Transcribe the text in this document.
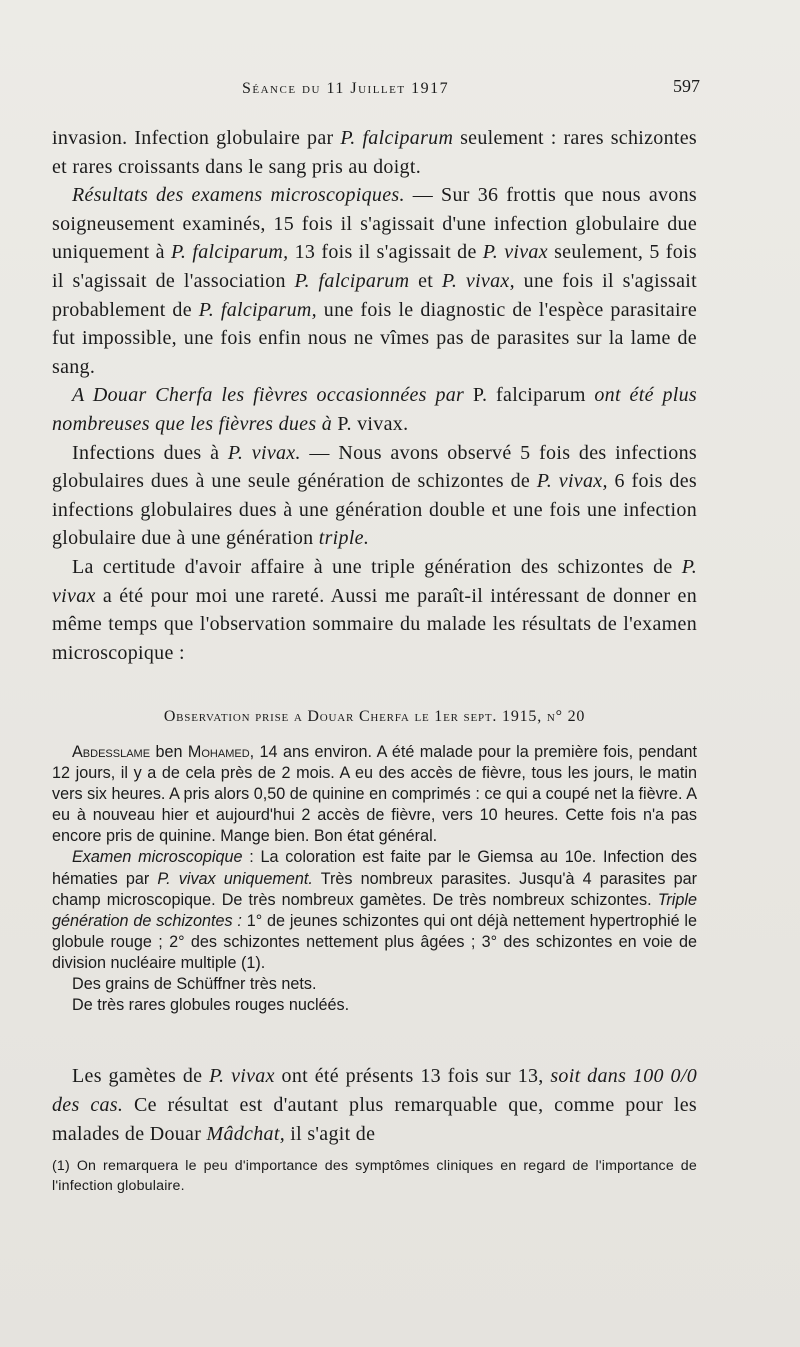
Séance du 11 Juillet 1917	597

invasion. Infection globulaire par P. falciparum seulement : rares schizontes et rares croissants dans le sang pris au doigt.

Résultats des examens microscopiques. — Sur 36 frottis que nous avons soigneusement examinés, 15 fois il s'agissait d'une infection globulaire due uniquement à P. falciparum, 13 fois il s'agissait de P. vivax seulement, 5 fois il s'agissait de l'association P. falciparum et P. vivax, une fois il s'agissait probablement de P. falciparum, une fois le diagnostic de l'espèce parasitaire fut impossible, une fois enfin nous ne vîmes pas de parasites sur la lame de sang.

A Douar Cherfa les fièvres occasionnées par P. falciparum ont été plus nombreuses que les fièvres dues à P. vivax.

Infections dues à P. vivax. — Nous avons observé 5 fois des infections globulaires dues à une seule génération de schizontes de P. vivax, 6 fois des infections globulaires dues à une génération double et une fois une infection globulaire due à une génération triple.

La certitude d'avoir affaire à une triple génération des schizontes de P. vivax a été pour moi une rareté. Aussi me paraît-il intéressant de donner en même temps que l'observation sommaire du malade les résultats de l'examen microscopique :

Observation prise a Douar Cherfa le 1er sept. 1915, n° 20

Abdesslame ben Mohamed, 14 ans environ. A été malade pour la première fois, pendant 12 jours, il y a de cela près de 2 mois. A eu des accès de fièvre, tous les jours, le matin vers six heures. A pris alors 0,50 de quinine en comprimés : ce qui a coupé net la fièvre. A eu à nouveau hier et aujourd'hui 2 accès de fièvre, vers 10 heures. Cette fois n'a pas encore pris de quinine. Mange bien. Bon état général.

Examen microscopique : La coloration est faite par le Giemsa au 10e. Infection des hématies par P. vivax uniquement. Très nombreux parasites. Jusqu'à 4 parasites par champ microscopique. De très nombreux gamètes. De très nombreux schizontes. Triple génération de schizontes : 1° de jeunes schizontes qui ont déjà nettement hypertrophié le globule rouge ; 2° des schizontes nettement plus âgées ; 3° des schizontes en voie de division nucléaire multiple (1).

Des grains de Schüffner très nets.

De très rares globules rouges nucléés.

Les gamètes de P. vivax ont été présents 13 fois sur 13, soit dans 100 0/0 des cas. Ce résultat est d'autant plus remarquable que, comme pour les malades de Douar Mâdchat, il s'agit de

(1) On remarquera le peu d'importance des symptômes cliniques en regard de l'importance de l'infection globulaire.
